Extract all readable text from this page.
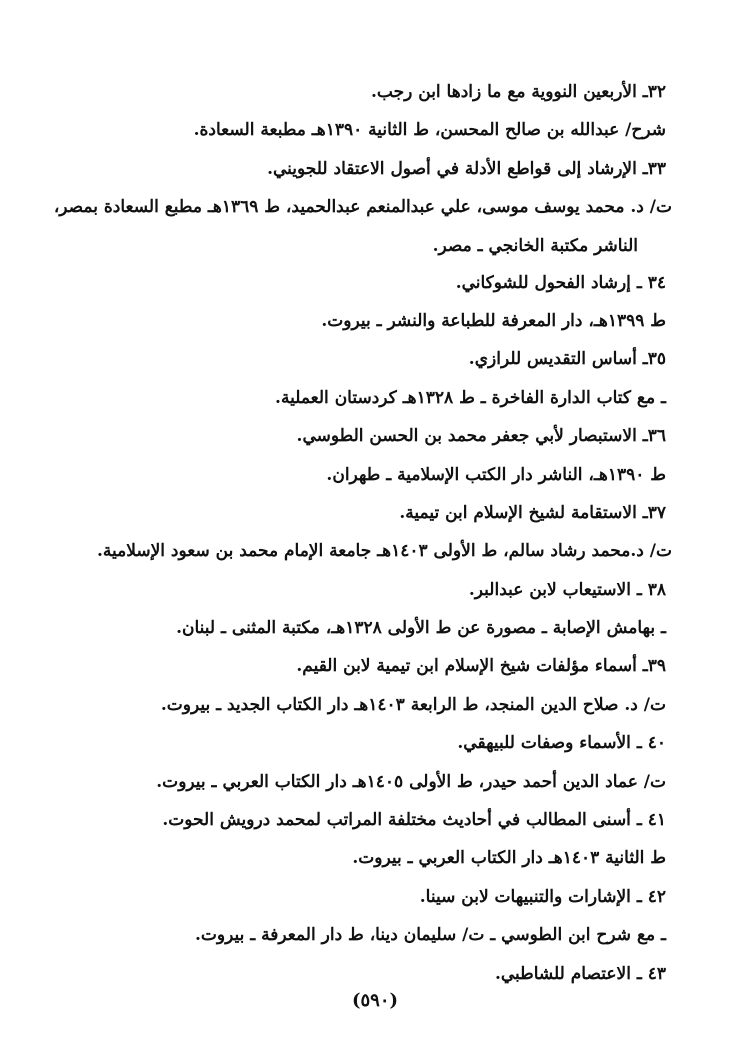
٣٢ـ الأربعين النووية مع ما زادها ابن رجب.
شرح/ عبدالله بن صالح المحسن، ط الثانية ١٣٩٠هـ مطبعة السعادة.
٣٣ـ الإرشاد إلى قواطع الأدلة في أصول الاعتقاد للجويني.
ت/ د. محمد يوسف موسى، علي عبدالمنعم عبدالحميد، ط ١٣٦٩هـ مطبع السعادة بمصر،
الناشر مكتبة الخانجي ـ مصر.
٣٤ ـ إرشاد الفحول للشوكاني.
ط ١٣٩٩هـ، دار المعرفة للطباعة والنشر ـ بيروت.
٣٥ـ أساس التقديس للرازي.
ـ مع كتاب الدارة الفاخرة ـ ط ١٣٢٨هـ كردستان العملية.
٣٦ـ الاستبصار لأبي جعفر محمد بن الحسن الطوسي.
ط ١٣٩٠هـ، الناشر دار الكتب الإسلامية ـ طهران.
٣٧ـ الاستقامة لشيخ الإسلام ابن تيمية.
ت/ د.محمد رشاد سالم، ط الأولى ١٤٠٣هـ جامعة الإمام محمد بن سعود الإسلامية.
٣٨ ـ الاستيعاب لابن عبدالبر.
ـ بهامش الإصابة ـ مصورة عن ط الأولى ١٣٢٨هـ، مكتبة المثنى ـ لبنان.
٣٩ـ أسماء مؤلفات شيخ الإسلام ابن تيمية لابن القيم.
ت/ د. صلاح الدين المنجد، ط الرابعة ١٤٠٣هـ دار الكتاب الجديد ـ بيروت.
٤٠ ـ الأسماء وصفات للبيهقي.
ت/ عماد الدين أحمد حيدر، ط الأولى ١٤٠٥هـ دار الكتاب العربي ـ بيروت.
٤١ ـ أسنى المطالب في أحاديث مختلفة المراتب لمحمد درويش الحوت.
ط الثانية ١٤٠٣هـ دار الكتاب العربي ـ بيروت.
٤٢ ـ الإشارات والتنبيهات لابن سينا.
ـ مع شرح ابن الطوسي ـ ت/ سليمان دينا، ط دار المعرفة ـ بيروت.
٤٣ ـ الاعتصام للشاطبي.
(٥٩٠)
